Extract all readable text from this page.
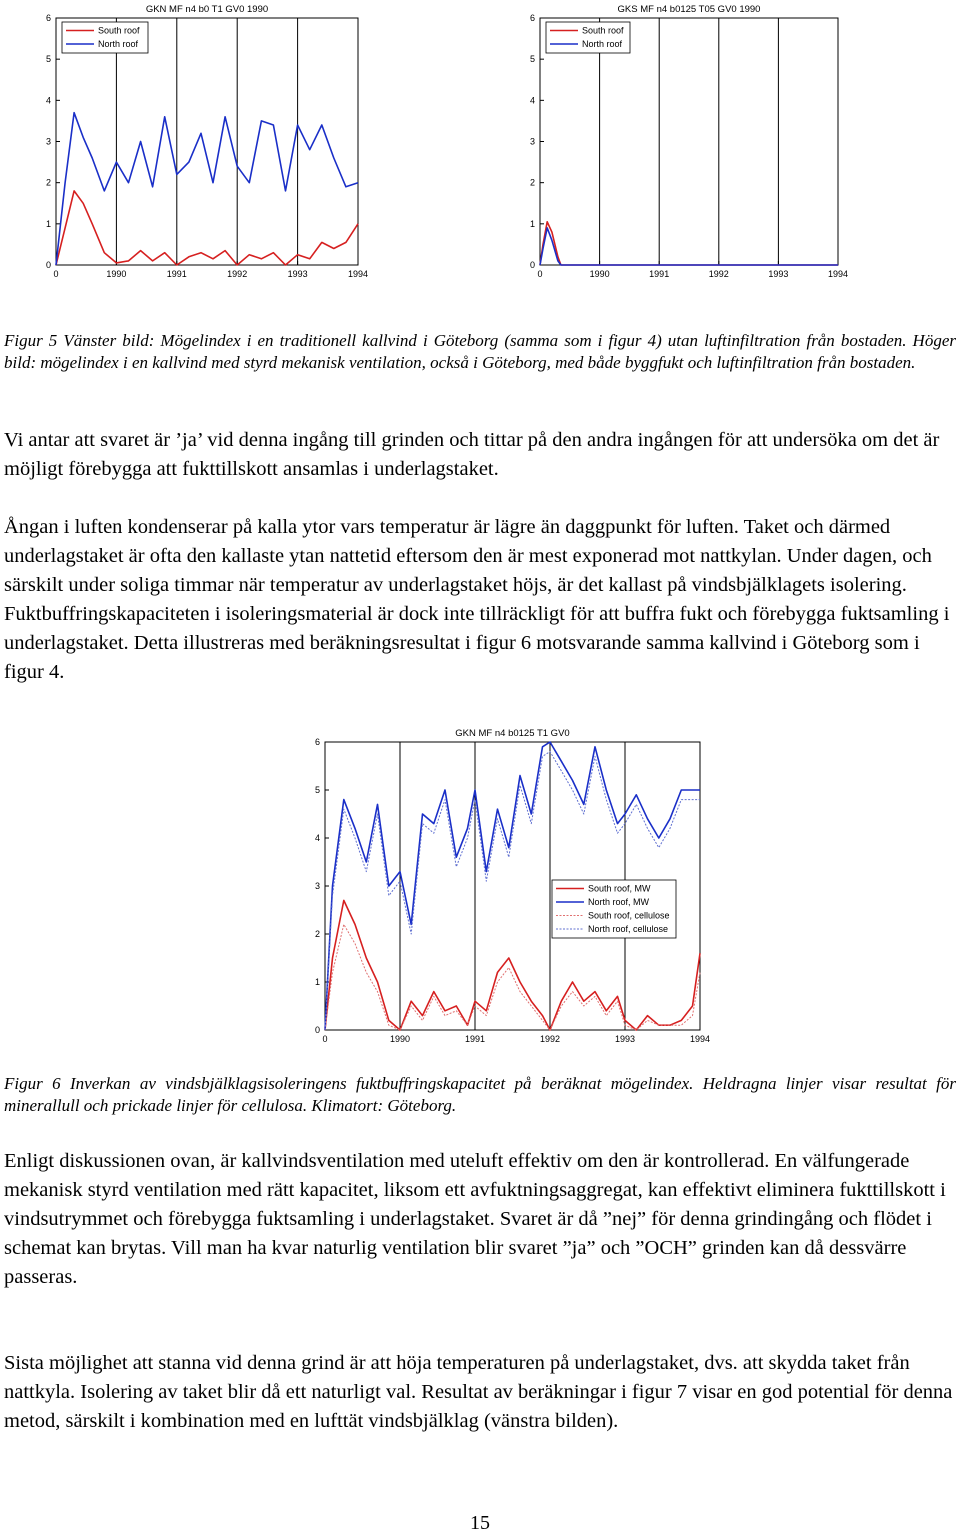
0	1990	1991	1992	1993	1994
0
1
2
3
4
5
6
GKN MF n4 b0 T1 GV0 1990
South roof
North roof
0	1990	1991	1992	1993	1994
0
1
2
3
4
5
6
GKS MF n4 b0125 T05 GV0 1990
South roof
North roof

Figur 5 Vänster bild: Mögelindex i en traditionell kallvind i Göteborg (samma som i figur 4) utan luftinfiltration från bostaden. Höger bild: mögelindex i en kallvind med styrd mekanisk ventilation, också i Göteborg, med både byggfukt och luftinfiltration från bostaden.

Vi antar att svaret är ’ja’ vid denna ingång till grinden och tittar på den andra ingången för att undersöka om det är möjligt förebygga att fukttillskott ansamlas i underlagstaket.

Ångan i luften kondenserar på kalla ytor vars temperatur är lägre än daggpunkt för luften. Taket och därmed underlagstaket är ofta den kallaste ytan nattetid eftersom den är mest exponerad mot nattkylan. Under dagen, och särskilt under soliga timmar när temperatur av underlagstaket höjs, är det kallast på vindsbjälklagets isolering. Fuktbuffringskapaciteten i isoleringsmaterial är dock inte tillräckligt för att buffra fukt och förebygga fuktsamling i underlagstaket. Detta illustreras med beräkningsresultat i figur 6 motsvarande samma kallvind i Göteborg som i figur 4.

0	1990	1991	1992	1993	1994
0
1
2
3
4
5
6
GKN MF n4 b0125 T1 GV0
South roof, MW
North roof, MW
South roof, cellulose
North roof, cellulose

Figur 6 Inverkan av vindsbjälklagsisoleringens fuktbuffringskapacitet på beräknat mögelindex. Heldragna linjer visar resultat för minerallull och prickade linjer för cellulosa. Klimatort: Göteborg.

Enligt diskussionen ovan, är kallvindsventilation med uteluft effektiv om den är kontrollerad. En välfungerade mekanisk styrd ventilation med rätt kapacitet, liksom ett avfuktningsaggregat, kan effektivt eliminera fukttillskott i vindsutrymmet och förebygga fuktsamling i underlagstaket. Svaret är då ”nej” för denna grindingång och flödet i schemat kan brytas. Vill man ha kvar naturlig ventilation blir svaret ”ja” och ”OCH” grinden kan då dessvärre passeras.

Sista möjlighet att stanna vid denna grind är att höja temperaturen på underlagstaket, dvs. att skydda taket från nattkyla. Isolering av taket blir då ett naturligt val. Resultat av beräkningar i figur 7 visar en god potential för denna metod, särskilt i kombination med en lufttät vindsbjälklag (vänstra bilden).

15
